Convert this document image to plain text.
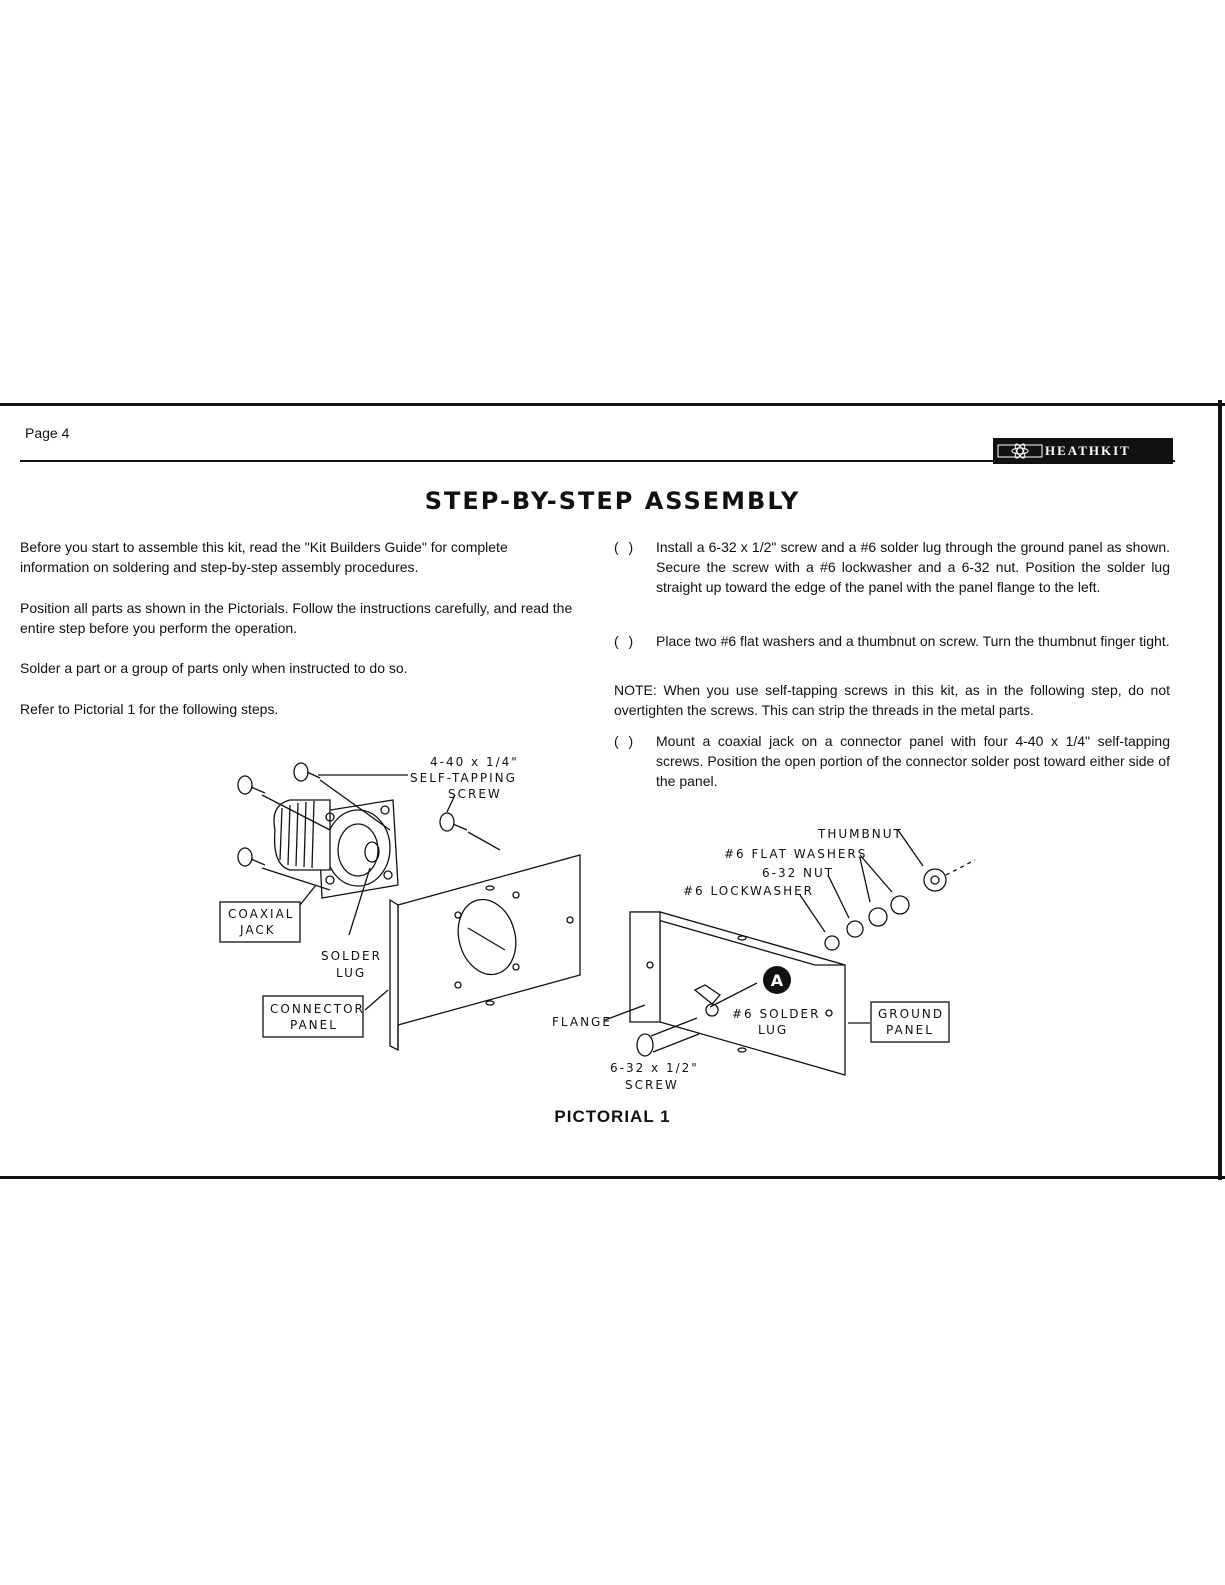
Page 4
HEATHKIT
STEP-BY-STEP ASSEMBLY
Before you start to assemble this kit, read the "Kit Builders Guide" for complete information on soldering and step-by-step assembly procedures.
Position all parts as shown in the Pictorials. Follow the instructions carefully, and read the entire step before you perform the operation.
Solder a part or a group of parts only when instructed to do so.
Refer to Pictorial 1 for the following steps.
( )	Install a 6-32 x 1/2" screw and a #6 solder lug through the ground panel as shown. Secure the screw with a #6 lockwasher and a 6-32 nut. Position the solder lug straight up toward the edge of the panel with the panel flange to the left.
( )	Place two #6 flat washers and a thumbnut on screw. Turn the thumbnut finger tight.
NOTE: When you use self-tapping screws in this kit, as in the following step, do not overtighten the screws. This can strip the threads in the metal parts.
( )	Mount a coaxial jack on a connector panel with four 4-40 x 1/4" self-tapping screws. Position the open portion of the connector solder post toward either side of the panel.
A
4-40 x 1/4"
SELF-TAPPING
SCREW
COAXIAL
JACK
SOLDER
LUG
CONNECTOR
PANEL	FLANGE
6-32 x 1/2"
SCREW
THUMBNUT
#6 FLAT WASHERS
6-32 NUT
#6 LOCKWASHER
#6 SOLDER
LUG
GROUND
PANEL
PICTORIAL 1
